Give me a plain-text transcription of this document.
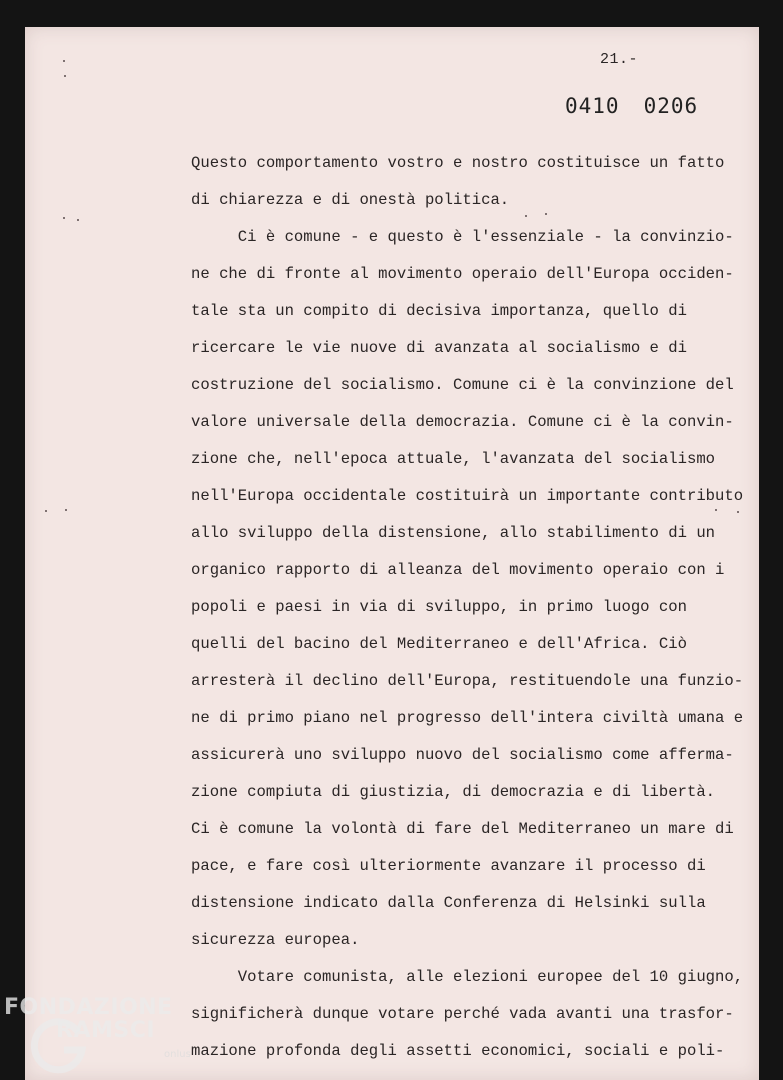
21.-
0410 0206
Questo comportamento vostro e nostro costituisce un fatto
di chiarezza e di onestà politica.
Ci è comune - e questo è l'essenziale - la convinzio-
ne che di fronte al movimento operaio dell'Europa occiden-
tale sta un compito di decisiva importanza, quello di
ricercare le vie nuove di avanzata al socialismo e di
costruzione del socialismo. Comune ci è la convinzione del
valore universale della democrazia. Comune ci è la convin-
zione che, nell'epoca attuale, l'avanzata del socialismo
nell'Europa occidentale costituirà un importante contributo
allo sviluppo della distensione, allo stabilimento di un
organico rapporto di alleanza del movimento operaio con i
popoli e paesi in via di sviluppo, in primo luogo con
quelli del bacino del Mediterraneo e dell'Africa. Ciò
arresterà il declino dell'Europa, restituendole una funzio-
ne di primo piano nel progresso dell'intera civiltà umana e
assicurerà uno sviluppo nuovo del socialismo come afferma-
zione compiuta di giustizia, di democrazia e di libertà.
Ci è comune la volontà di fare del Mediterraneo un mare di
pace, e fare così ulteriormente avanzare il processo di
distensione indicato dalla Conferenza di Helsinki sulla
sicurezza europea.
Votare comunista, alle elezioni europee del 10 giugno,
significherà dunque votare perché vada avanti una trasfor-
mazione profonda degli assetti economici, sociali e poli-
FONDAZIONE
RAMSCI
onlus
